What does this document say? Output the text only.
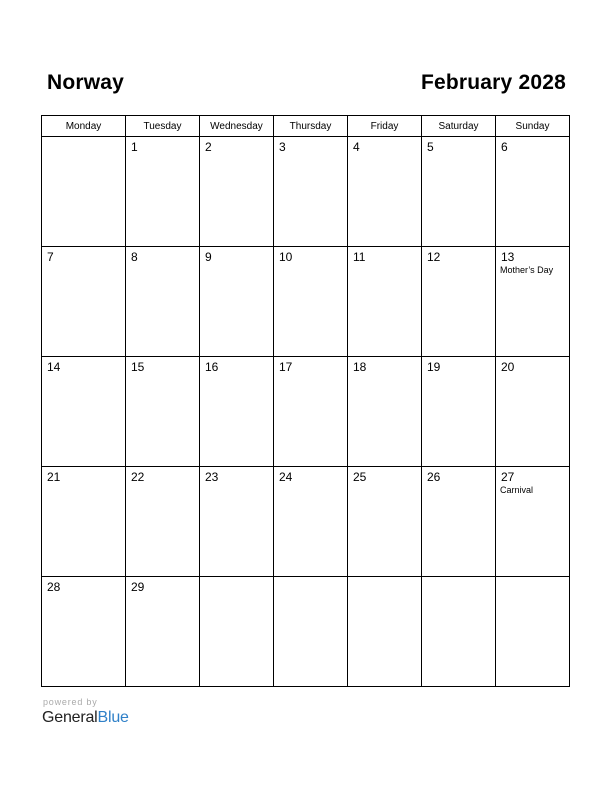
Norway	February 2028
Monday	Tuesday	Wednesday	Thursday	Friday	Saturday	Sunday

	1	2	3	4	5	6

7	8	9	10	11	12	13
Mother’s Day

14	15	16	17	18	19	20

21	22	23	24	25	26	27
Carnival

28	29					

powered by
GeneralBlue
